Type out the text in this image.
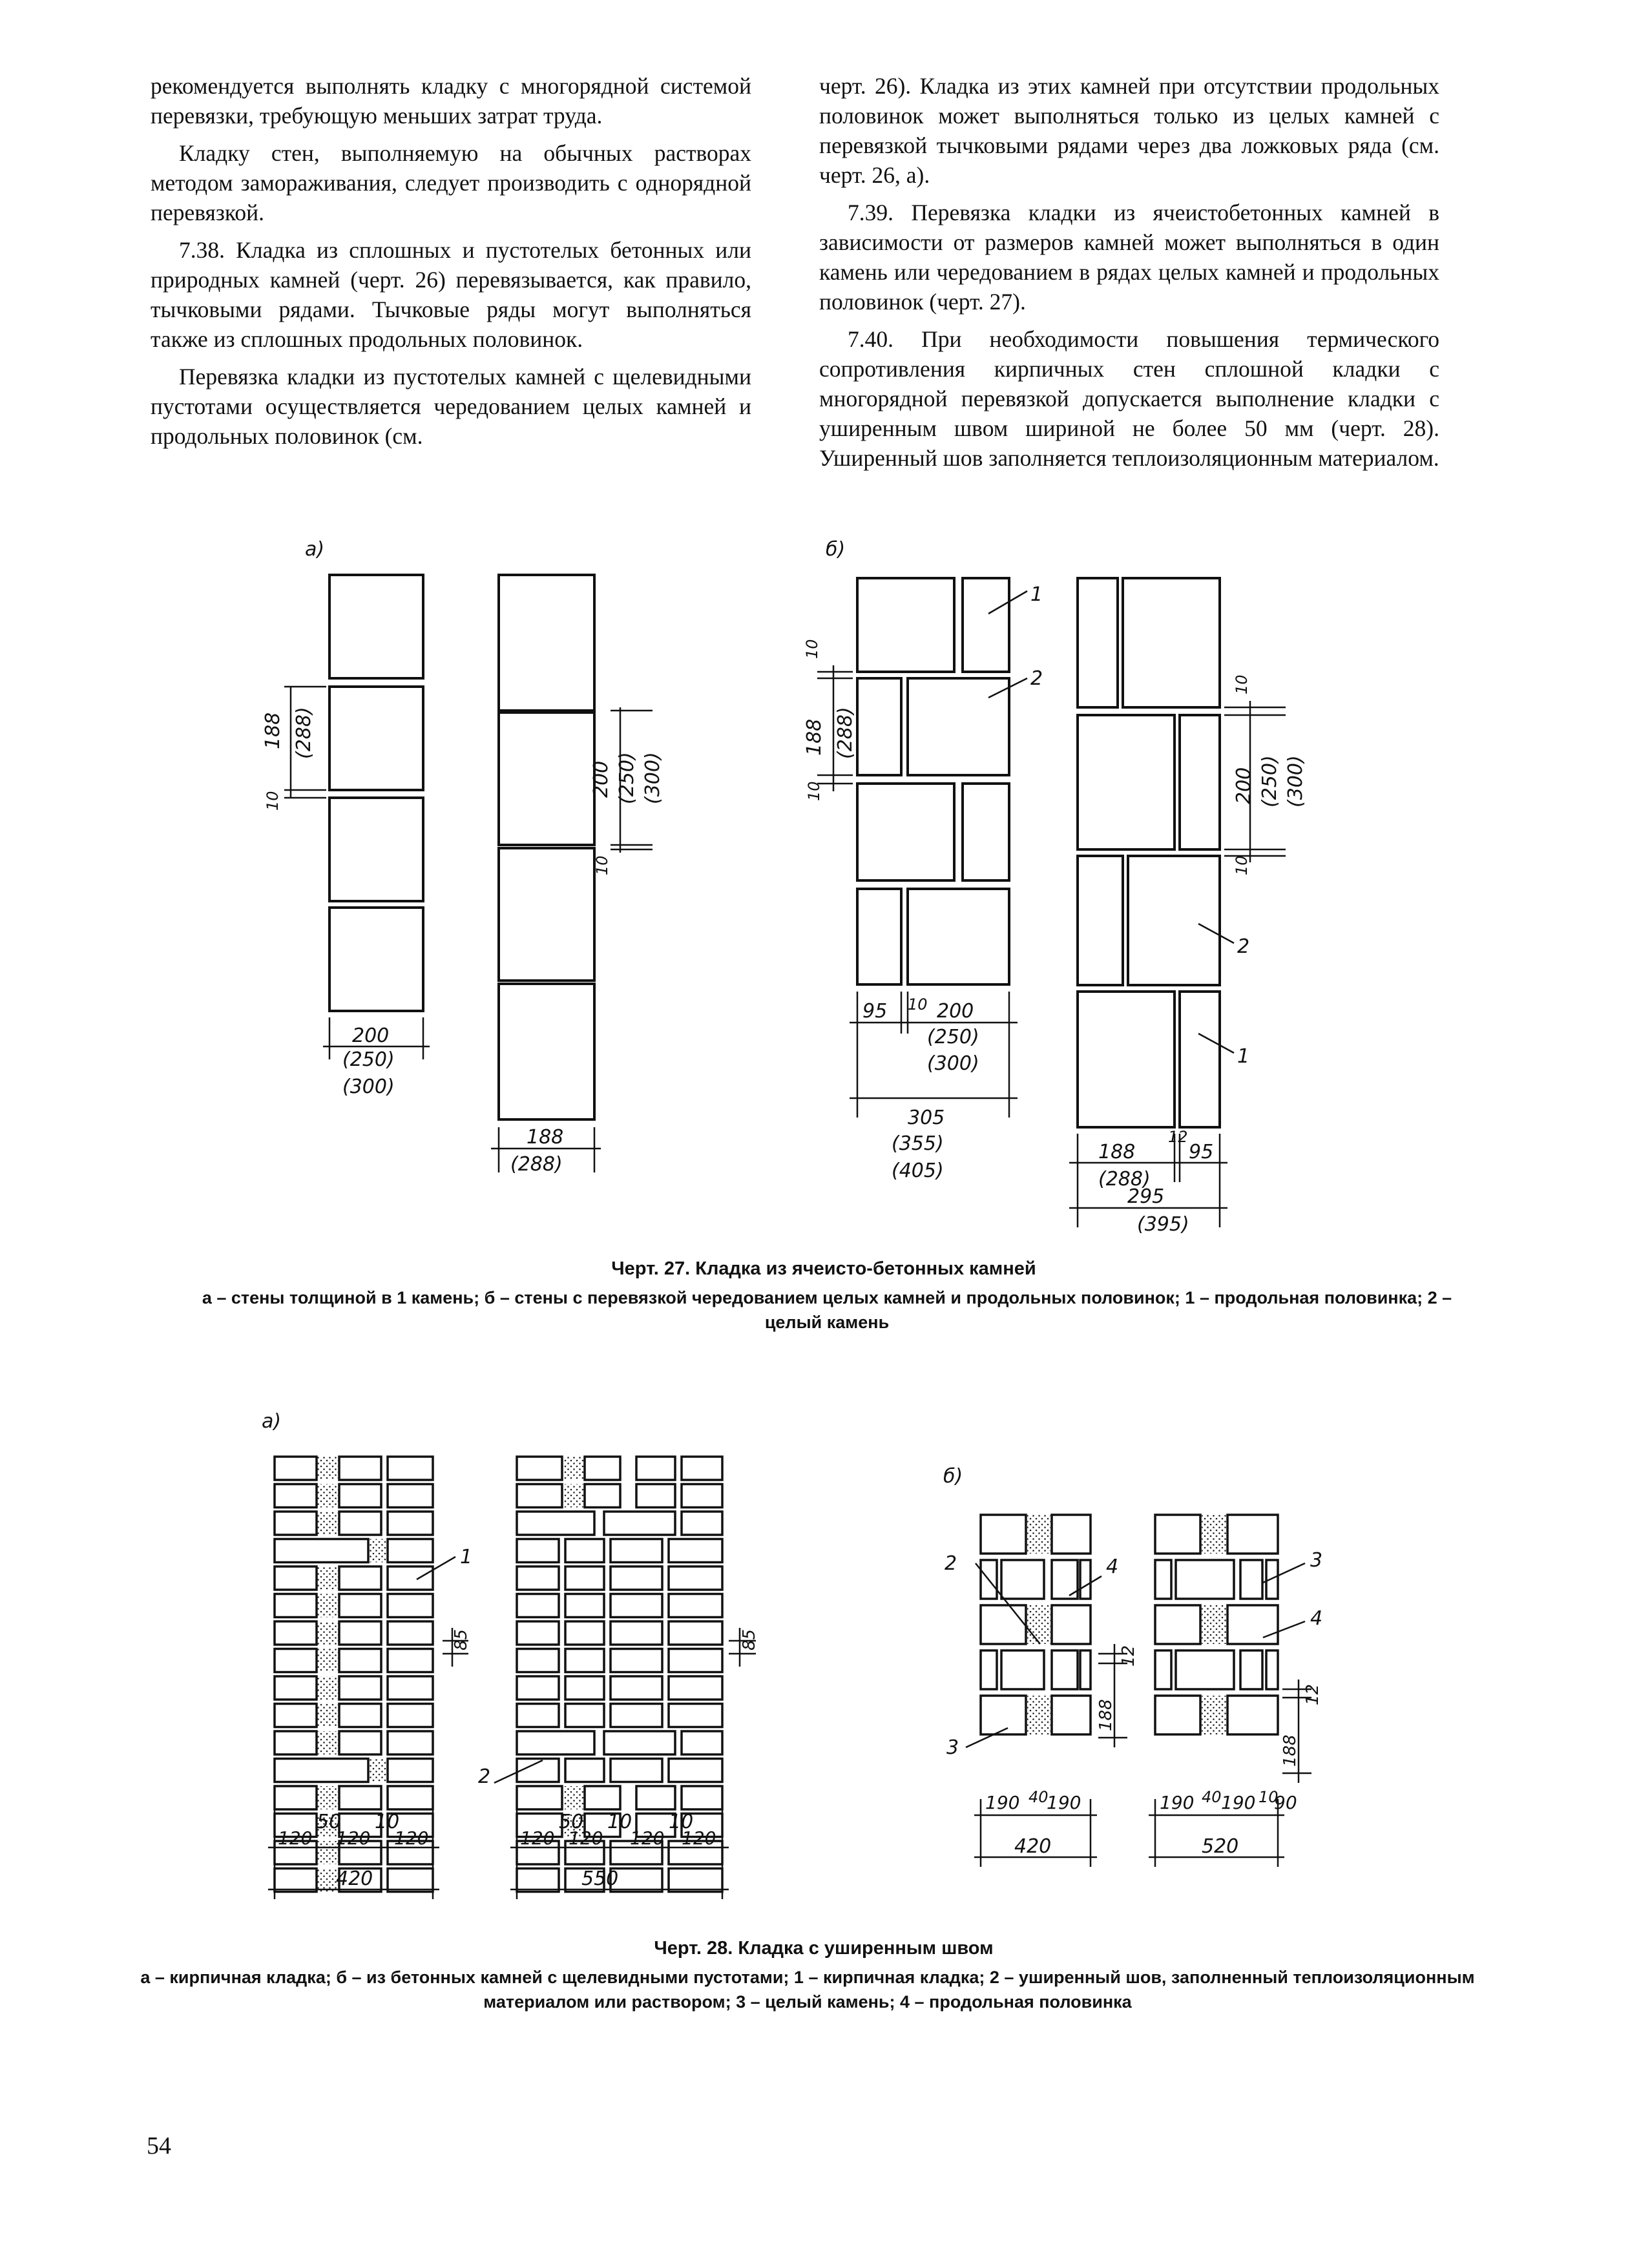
рекомендуется выполнять кладку с многорядной системой перевязки, требующую меньших затрат труда.

Кладку стен, выполняемую на обычных растворах методом замораживания, следует производить с однорядной перевязкой.

7.38. Кладка из сплошных и пустотелых бетонных или природных камней (черт. 26) перевязывается, как правило, тычковыми рядами. Тычковые ряды могут выполняться также из сплошных продольных половинок.

Перевязка кладки из пустотелых камней с щелевидными пустотами осуществляется чередованием целых камней и продольных половинок (см.

черт. 26). Кладка из этих камней при отсутствии продольных половинок может выполняться только из целых камней с перевязкой тычковыми рядами через два ложковых ряда (см. черт. 26, а).

7.39. Перевязка кладки из ячеистобетонных камней в зависимости от размеров камней может выполняться в один камень или чередованием в рядах целых камней и продольных половинок (черт. 27).

7.40. При необходимости повышения термического сопротивления кирпичных стен сплошной кладки с многорядной перевязкой допускается выполнение кладки с уширенным швом шириной не более 50 мм (черт. 28). Уширенный шов заполняется теплоизоляционным материалом.

а)	б)
188 (288)
10
200
(250)
(300)
200 (250) (300)
10
188
(288)
10
188 (288)
10
95 10 200
(250)
(300)
305
(355)
(405)
10
200 (250) (300)
10
188
12
95
(288)
295
(395)
1
2
2
1
а)
б)
1
85
50 10
120 120 120
420
2
85
50 10 10
120 120 120 120
550
2	4
12
188
3
190 40
190
420
3
4
12
188
190 40 190 10
90
520
Черт. 27. Кладка из ячеисто-бетонных камней
а – стены толщиной в 1 камень; б – стены с перевязкой чередованием целых камней и продольных половинок; 1 – продольная половинка; 2 – целый камень
Черт. 28. Кладка с уширенным швом
а – кирпичная кладка; б – из бетонных камней с щелевидными пустотами; 1 – кирпичная кладка; 2 – уширенный шов, заполненный теплоизоляционным материалом или раствором; 3 – целый камень; 4 – продольная половинка
54
